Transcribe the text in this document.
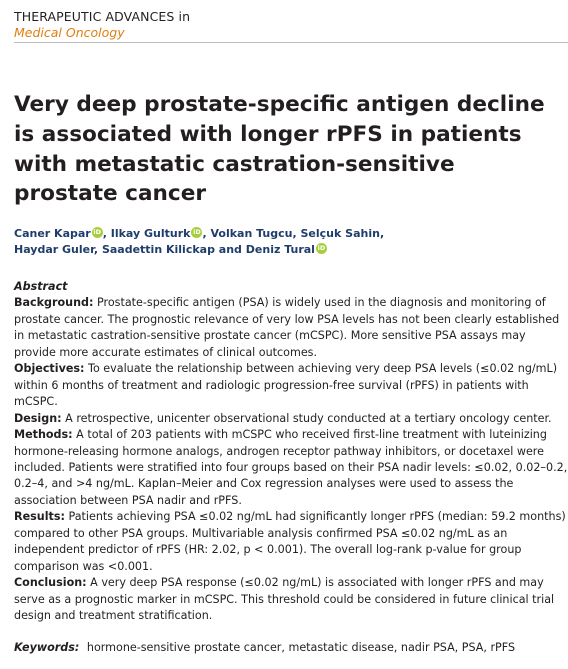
THERAPEUTIC ADVANCES in
Medical Oncology
Very deep prostate-specific antigen decline is associated with longer rPFS in patients with metastatic castration-sensitive prostate cancer
Caner Kapar iD , Ilkay Gulturk iD , Volkan Tugcu, Selçuk Sahin,
Haydar Guler, Saadettin Kilickap and Deniz Tural iD
Abstract

Background: Prostate-specific antigen (PSA) is widely used in the diagnosis and monitoring of prostate cancer. The prognostic relevance of very low PSA levels has not been clearly established in metastatic castration-sensitive prostate cancer (mCSPC). More sensitive PSA assays may provide more accurate estimates of clinical outcomes.

Objectives: To evaluate the relationship between achieving very deep PSA levels (≤0.02 ng/mL) within 6 months of treatment and radiologic progression-free survival (rPFS) in patients with mCSPC.

Design: A retrospective, unicenter observational study conducted at a tertiary oncology center.

Methods: A total of 203 patients with mCSPC who received first-line treatment with luteinizing hormone-releasing hormone analogs, androgen receptor pathway inhibitors, or docetaxel were included. Patients were stratified into four groups based on their PSA nadir levels: ≤0.02, 0.02–0.2, 0.2–4, and >4 ng/mL. Kaplan–Meier and Cox regression analyses were used to assess the association between PSA nadir and rPFS.

Results: Patients achieving PSA ≤0.02 ng/mL had significantly longer rPFS (median: 59.2 months) compared to other PSA groups. Multivariable analysis confirmed PSA ≤0.02 ng/mL as an independent predictor of rPFS (HR: 2.02, p < 0.001). The overall log-rank p-value for group comparison was <0.001.

Conclusion: A very deep PSA response (≤0.02 ng/mL) is associated with longer rPFS and may serve as a prognostic marker in mCSPC. This threshold could be considered in future clinical trial design and treatment stratification.

Keywords: hormone-sensitive prostate cancer, metastatic disease, nadir PSA, PSA, rPFS
